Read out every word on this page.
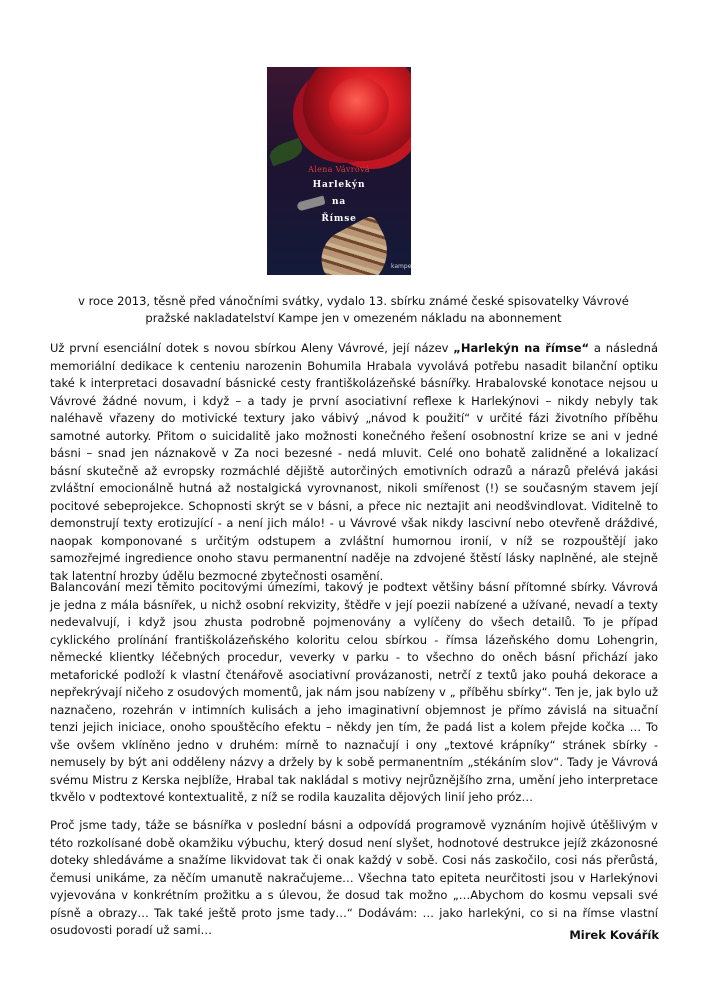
Alena Vávrová
Harlekýn
na
Římse
kampe
v roce 2013, těsně před vánočními svátky, vydalo 13. sbírku známé české spisovatelky Vávrové
pražské nakladatelství Kampe jen v omezeném nákladu na abonnement

Už první esenciální dotek s novou sbírkou Aleny Vávrové, její název „Harlekýn na římse“ a následná memoriální dedikace k centeniu narozenin Bohumila Hrabala vyvolává potřebu nasadit bilanční optiku také k interpretaci dosavadní básnické cesty františkolázeňské básnířky. Hrabalovské konotace nejsou u Vávrové žádné novum, i když – a tady je první asociativní reflexe k Harlekýnovi – nikdy nebyly tak naléhavě vřazeny do motivické textury jako vábivý „návod k použití“ v určité fázi životního příběhu samotné autorky. Přitom o suicidalitě jako možnosti konečného řešení osobnostní krize se ani v jedné básni – snad jen náznakově v Za noci bezesné - nedá mluvit. Celé ono bohatě zalidněné a lokalizací básní skutečně až evropsky rozmáchlé dějiště autorčiných emotivních odrazů a nárazů přelévá jakási zvláštní emocionálně hutná až nostalgická vyrovnanost, nikoli smířenost (!) se současným stavem její pocitové sebeprojekce. Schopnosti skrýt se v básni, a přece nic neztajit ani neodšvindlovat. Viditelně to demonstrují texty erotizující - a není jich málo! - u Vávrové však nikdy lascivní nebo otevřeně dráždivé, naopak komponované s určitým odstupem a zvláštní humornou ironií, v níž se rozpouštějí jako samozřejmé ingredience onoho stavu permanentní naděje na zdvojené štěstí lásky naplněné, ale stejně tak latentní hrozby údělu bezmocné zbytečnosti osamění.

Balancování mezi těmito pocitovými úmezími, takový je podtext většiny básní přítomné sbírky. Vávrová je jedna z mála básnířek, u nichž osobní rekvizity, štědře v její poezii nabízené a užívané, nevadí a texty nedevalvují, i když jsou zhusta podrobně pojmenovány a vylíčeny do všech detailů. To je případ cyklického prolínání františkolázeňského koloritu celou sbírkou - římsa lázeňského domu Lohengrin, německé klientky léčebných procedur, veverky v parku - to všechno do oněch básní přichází jako metaforické podloží k vlastní čtenářově asociativní provázanosti, netrčí z textů jako pouhá dekorace a nepřekrývají ničeho z osudových momentů, jak nám jsou nabízeny v „ příběhu sbírky“. Ten je, jak bylo už naznačeno, rozehrán v intimních kulisách a jeho imaginativní objemnost je přímo závislá na situační tenzi jejich iniciace, onoho spouštěcího efektu – někdy jen tím, že padá list a kolem přejde kočka … To vše ovšem vklíněno jedno v druhém: mírně to naznačují i ony „textové krápníky“ stránek sbírky - nemusely by být ani odděleny názvy a držely by k sobě permanentním „stékáním slov“. Tady je Vávrová svému Mistru z Kerska nejblíže, Hrabal tak nakládal s motivy nejrůznějšího zrna, umění jeho interpretace tkvělo v podtextové kontextualitě, z níž se rodila kauzalita dějových linií jeho próz…

Proč jsme tady, táže se básnířka v poslední básni a odpovídá programově vyznáním hojivě útěšlivým v této rozkolísané době okamžiku výbuchu, který dosud není slyšet, hodnotové destrukce jejíž zkázonosné doteky shledáváme a snažíme likvidovat tak či onak každý v sobě. Cosi nás zaskočilo, cosi nás přerůstá, čemusi unikáme, za něčím umanutě nakračujeme… Všechna tato epiteta neurčitosti jsou v Harlekýnovi vyjevována v konkrétním prožitku a s úlevou, že dosud tak možno „…Abychom do kosmu vepsali své písně a obrazy… Tak také ještě proto jsme tady…“ Dodávám: … jako harlekýni, co si na římse vlastní osudovosti poradí už sami…	Mirek Kovářík
